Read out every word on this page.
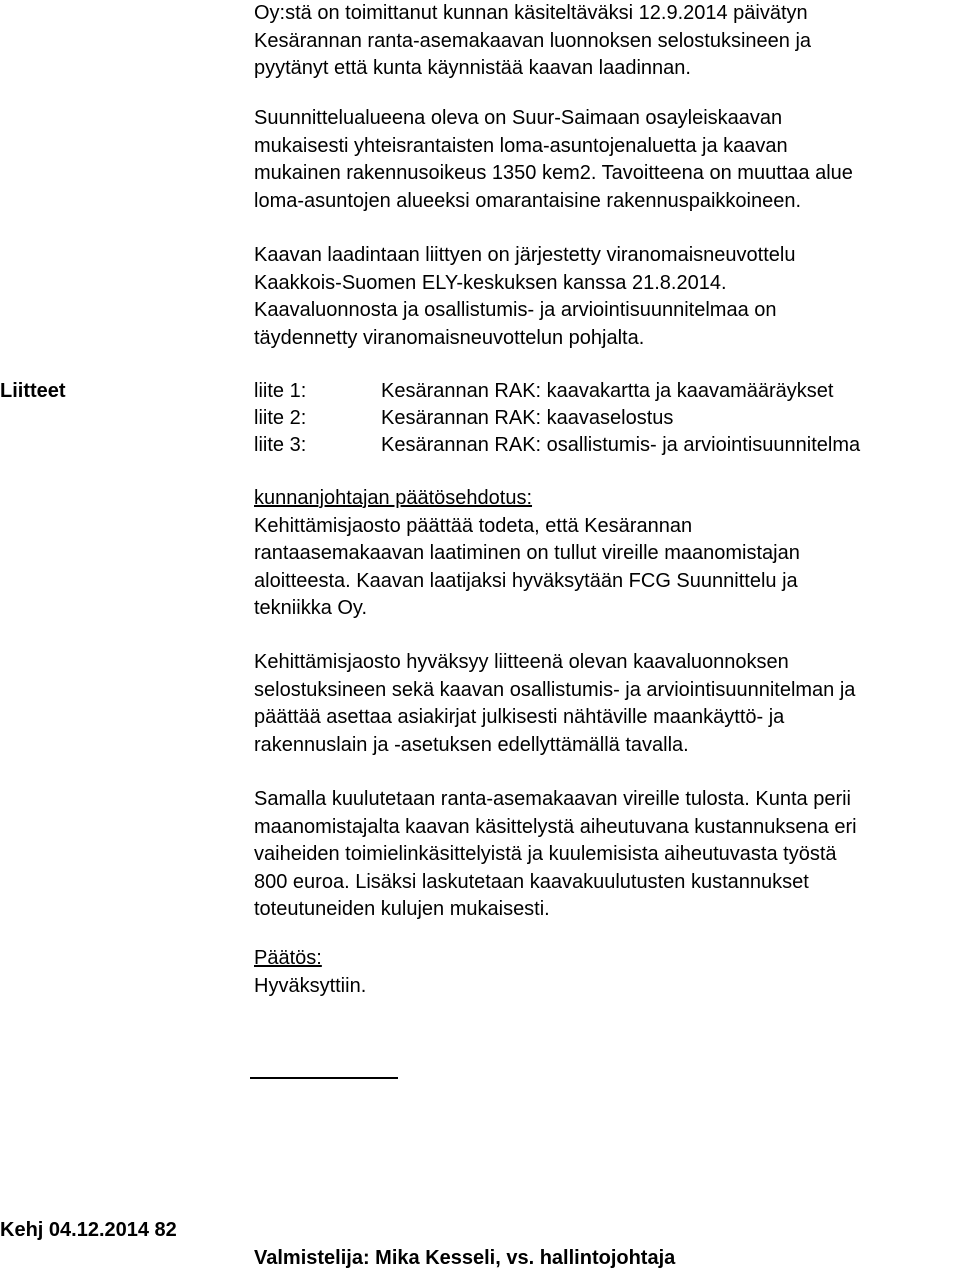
Oy:stä on toimittanut kunnan käsiteltäväksi 12.9.2014 päivätyn
Kesärannan ranta-asemakaavan luonnoksen selostuksineen ja
pyytänyt että kunta käynnistää kaavan laadinnan.
Suunnittelualueena oleva on Suur-Saimaan osayleiskaavan
mukaisesti yhteisrantaisten loma-asuntojenaluetta ja kaavan
mukainen rakennusoikeus 1350 kem2. Tavoitteena on muuttaa alue
loma-asuntojen alueeksi omarantaisine rakennuspaikkoineen.
Kaavan laadintaan liittyen on järjestetty viranomaisneuvottelu
Kaakkois-Suomen ELY-keskuksen kanssa 21.8.2014.
Kaavaluonnosta ja osallistumis- ja arviointisuunnitelmaa on
täydennetty viranomaisneuvottelun pohjalta.
Liitteet	liite 1:	Kesärannan RAK: kaavakartta ja kaavamääräykset
liite 2:	Kesärannan RAK: kaavaselostus
liite 3:	Kesärannan RAK: osallistumis- ja arviointisuunnitelma
kunnanjohtajan päätösehdotus:
Kehittämisjaosto päättää todeta, että Kesärannan
rantaasemakaavan laatiminen on tullut vireille maanomistajan
aloitteesta. Kaavan laatijaksi hyväksytään FCG Suunnittelu ja
tekniikka Oy.
Kehittämisjaosto hyväksyy liitteenä olevan kaavaluonnoksen
selostuksineen sekä kaavan osallistumis- ja arviointisuunnitelman ja
päättää asettaa asiakirjat julkisesti nähtäville maankäyttö- ja
rakennuslain ja -asetuksen edellyttämällä tavalla.
Samalla kuulutetaan ranta-asemakaavan vireille tulosta. Kunta perii
maanomistajalta kaavan käsittelystä aiheutuvana kustannuksena eri
vaiheiden toimielinkäsittelyistä ja kuulemisista aiheutuvasta työstä
800 euroa. Lisäksi laskutetaan kaavakuulutusten kustannukset
toteutuneiden kulujen mukaisesti.
Päätös:
Hyväksyttiin.
Kehj 04.12.2014 82
Valmistelija: Mika Kesseli, vs. hallintojohtaja
